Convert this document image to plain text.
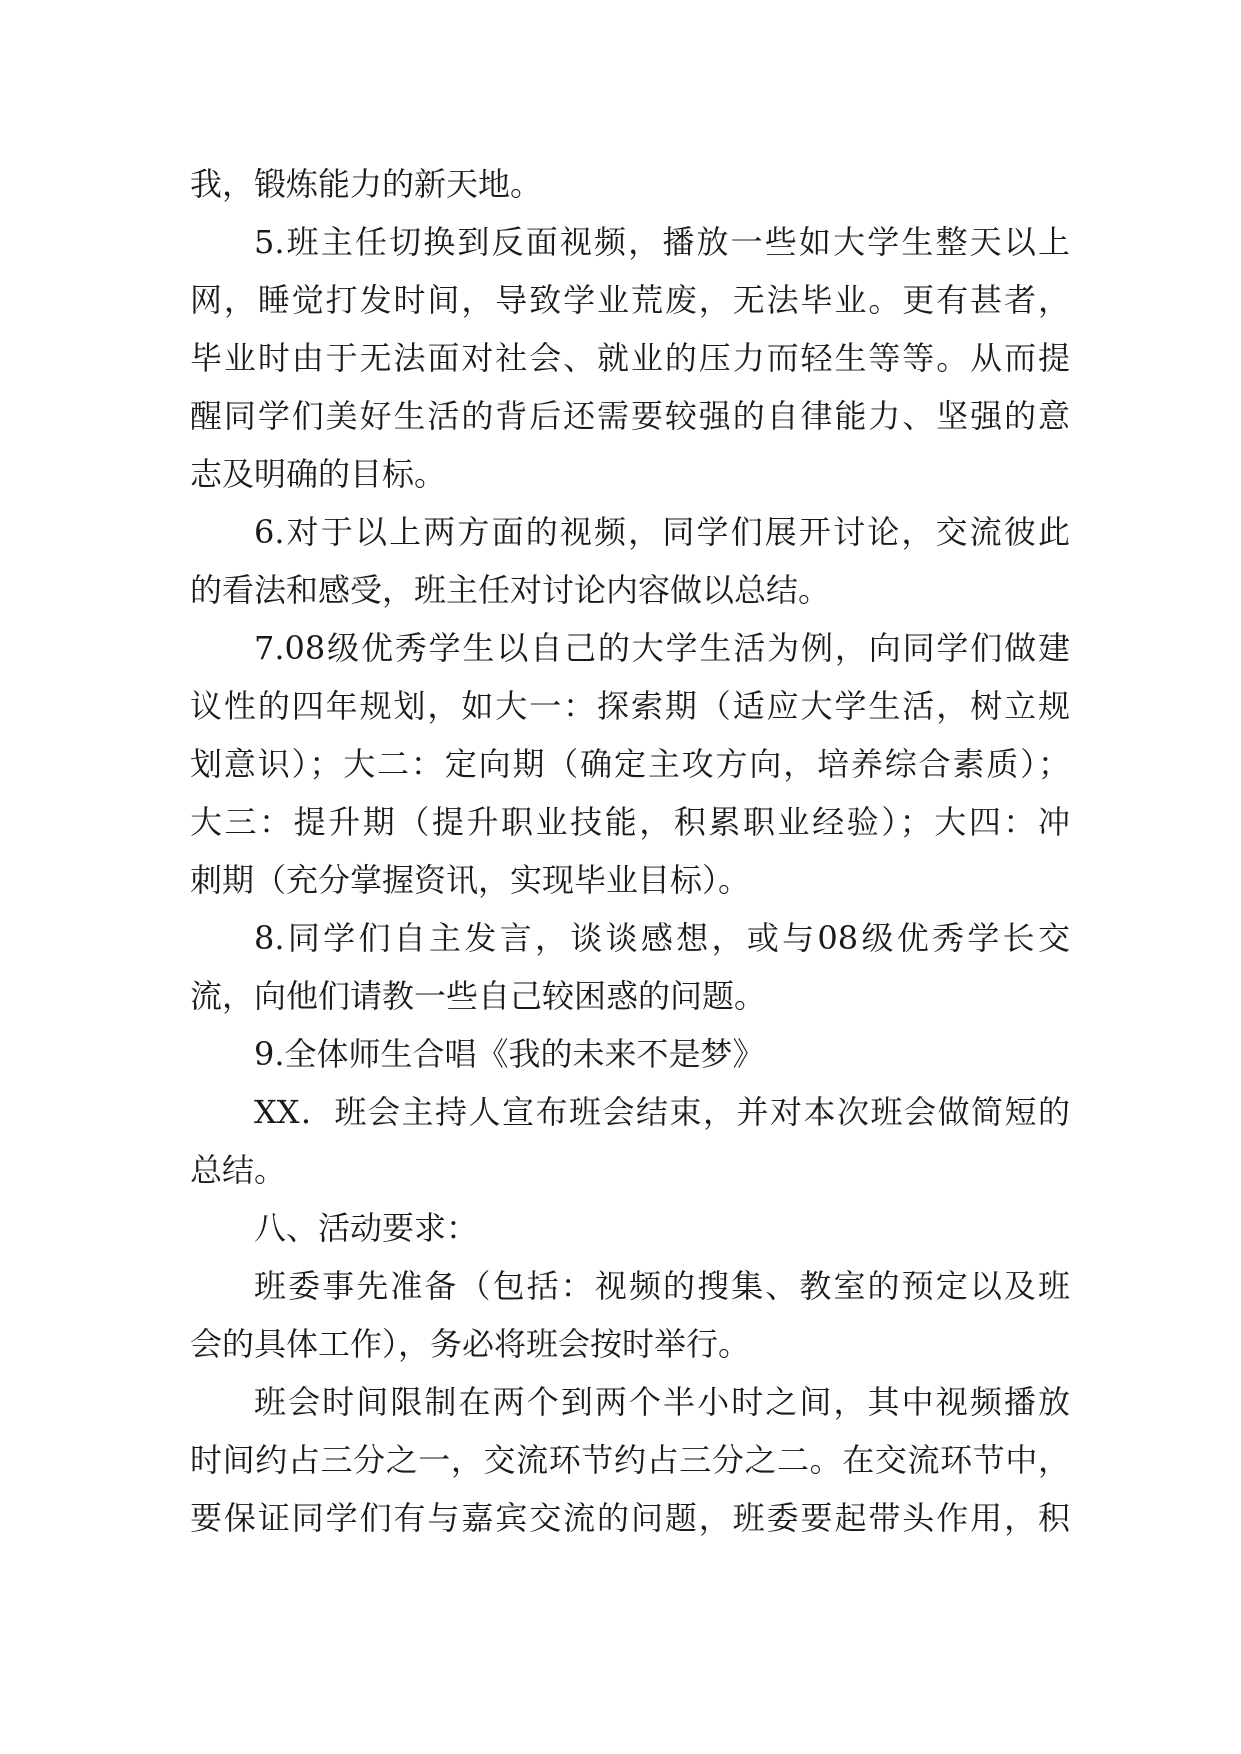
我，锻炼能力的新天地。
5.班主任切换到反面视频，播放一些如大学生整天以上
网，睡觉打发时间，导致学业荒废，无法毕业。更有甚者，
毕业时由于无法面对社会、就业的压力而轻生等等。从而提
醒同学们美好生活的背后还需要较强的自律能力、坚强的意
志及明确的目标。
6.对于以上两方面的视频，同学们展开讨论，交流彼此
的看法和感受，班主任对讨论内容做以总结。
7.08级优秀学生以自己的大学生活为例，向同学们做建
议性的四年规划，如大一：探索期（适应大学生活，树立规
划意识）；大二：定向期（确定主攻方向，培养综合素质）；
大三：提升期（提升职业技能，积累职业经验）；大四：冲
刺期（充分掌握资讯，实现毕业目标）。
8.同学们自主发言，谈谈感想，或与08级优秀学长交
流，向他们请教一些自己较困惑的问题。
9.全体师生合唱《我的未来不是梦》
XX．班会主持人宣布班会结束，并对本次班会做简短的
总结。
八、活动要求：
班委事先准备（包括：视频的搜集、教室的预定以及班
会的具体工作），务必将班会按时举行。
班会时间限制在两个到两个半小时之间，其中视频播放
时间约占三分之一，交流环节约占三分之二。在交流环节中，
要保证同学们有与嘉宾交流的问题，班委要起带头作用，积
